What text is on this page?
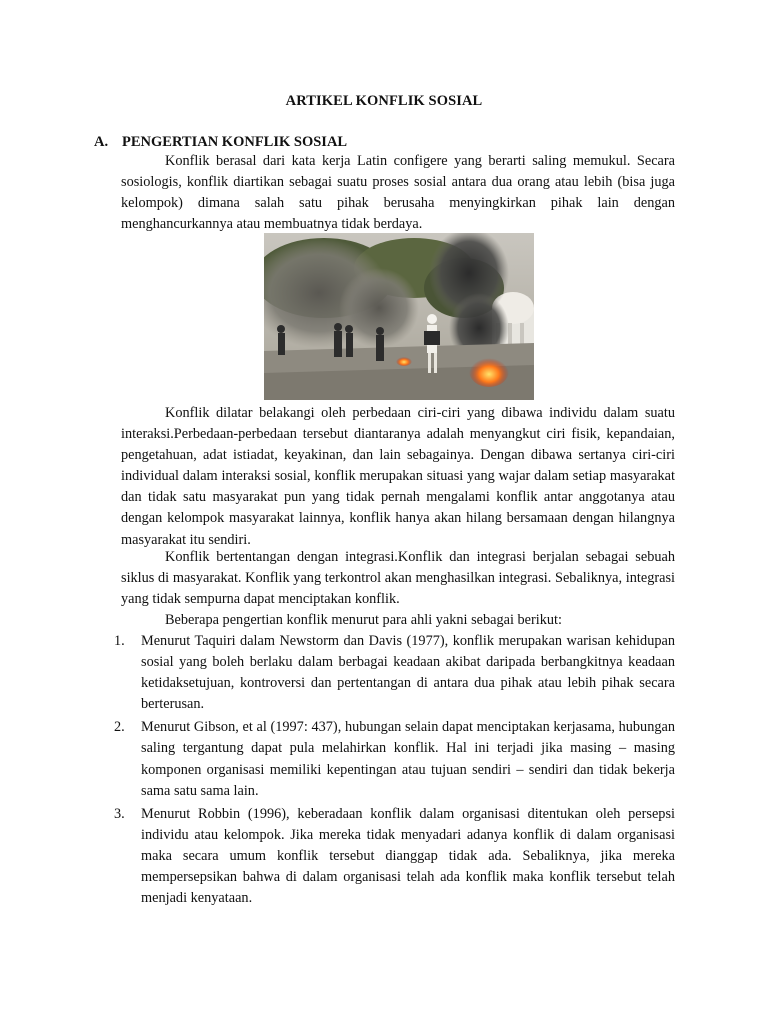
ARTIKEL KONFLIK SOSIAL
A. PENGERTIAN KONFLIK SOSIAL

Konflik berasal dari kata kerja Latin configere yang berarti saling memukul. Secara sosiologis, konflik diartikan sebagai suatu proses sosial antara dua orang atau lebih (bisa juga kelompok) dimana salah satu pihak berusaha menyingkirkan pihak lain dengan menghancurkannya atau membuatnya tidak berdaya.

Konflik dilatar belakangi oleh perbedaan ciri-ciri yang dibawa individu dalam suatu interaksi.Perbedaan-perbedaan tersebut diantaranya adalah menyangkut ciri fisik, kepandaian, pengetahuan, adat istiadat, keyakinan, dan lain sebagainya. Dengan dibawa sertanya ciri-ciri individual dalam interaksi sosial, konflik merupakan situasi yang wajar dalam setiap masyarakat dan tidak satu masyarakat pun yang tidak pernah mengalami konflik antar anggotanya atau dengan kelompok masyarakat lainnya, konflik hanya akan hilang bersamaan dengan hilangnya masyarakat itu sendiri.

Konflik bertentangan dengan integrasi.Konflik dan integrasi berjalan sebagai sebuah siklus di masyarakat. Konflik yang terkontrol akan menghasilkan integrasi. Sebaliknya, integrasi yang tidak sempurna dapat menciptakan konflik.

Beberapa pengertian konflik menurut para ahli yakni sebagai berikut:

1. Menurut Taquiri dalam Newstorm dan Davis (1977), konflik merupakan warisan kehidupan sosial yang boleh berlaku dalam berbagai keadaan akibat daripada berbangkitnya keadaan ketidaksetujuan, kontroversi dan pertentangan di antara dua pihak atau lebih pihak secara berterusan.
2. Menurut Gibson, et al (1997: 437), hubungan selain dapat menciptakan kerjasama, hubungan saling tergantung dapat pula melahirkan konflik. Hal ini terjadi jika masing – masing komponen organisasi memiliki kepentingan atau tujuan sendiri – sendiri dan tidak bekerja sama satu sama lain.
3. Menurut Robbin (1996), keberadaan konflik dalam organisasi ditentukan oleh persepsi individu atau kelompok. Jika mereka tidak menyadari adanya konflik di dalam organisasi maka secara umum konflik tersebut dianggap tidak ada. Sebaliknya, jika mereka mempersepsikan bahwa di dalam organisasi telah ada konflik maka konflik tersebut telah menjadi kenyataan.
